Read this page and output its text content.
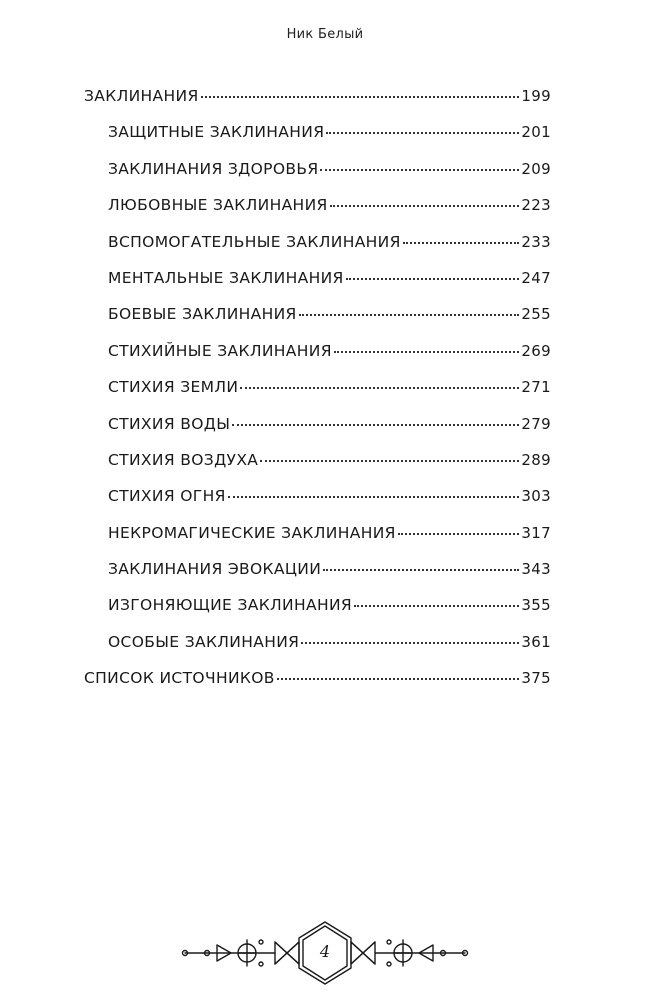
Ник Белый
ЗАКЛИНАНИЯ	199
ЗАЩИТНЫЕ ЗАКЛИНАНИЯ	201
ЗАКЛИНАНИЯ ЗДОРОВЬЯ	209
ЛЮБОВНЫЕ ЗАКЛИНАНИЯ	223
ВСПОМОГАТЕЛЬНЫЕ ЗАКЛИНАНИЯ	233
МЕНТАЛЬНЫЕ ЗАКЛИНАНИЯ	247
БОЕВЫЕ ЗАКЛИНАНИЯ	255
СТИХИЙНЫЕ ЗАКЛИНАНИЯ	269
СТИХИЯ ЗЕМЛИ	271
СТИХИЯ ВОДЫ	279
СТИХИЯ ВОЗДУХА	289
СТИХИЯ ОГНЯ	303
НЕКРОМАГИЧЕСКИЕ ЗАКЛИНАНИЯ	317
ЗАКЛИНАНИЯ ЭВОКАЦИИ	343
ИЗГОНЯЮЩИЕ ЗАКЛИНАНИЯ	355
ОСОБЫЕ ЗАКЛИНАНИЯ	361
СПИСОК ИСТОЧНИКОВ	375
4
